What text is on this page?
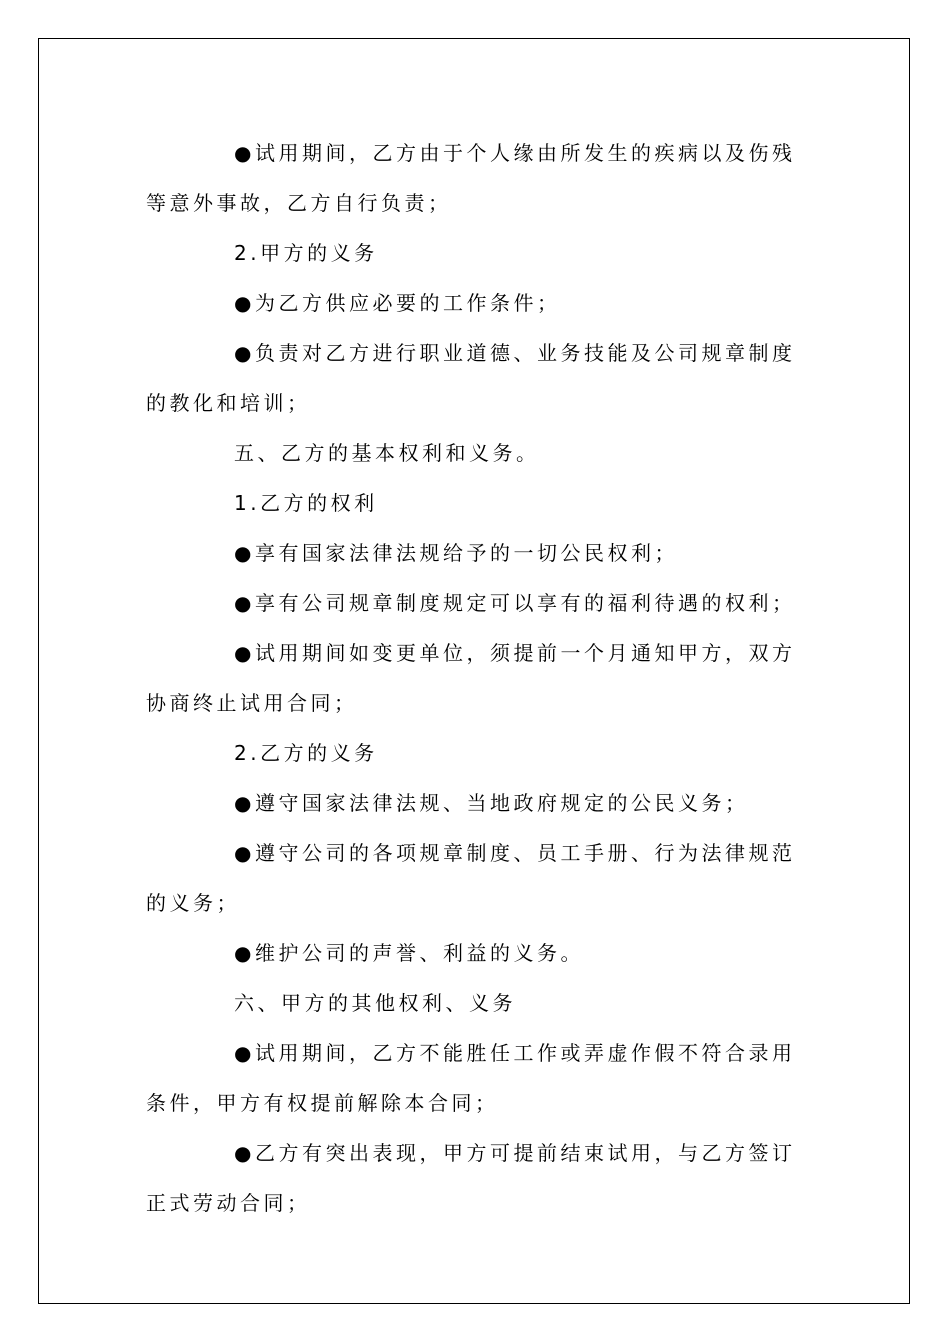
●试用期间，乙方由于个人缘由所发生的疾病以及伤残等意外事故，乙方自行负责；

2.甲方的义务

●为乙方供应必要的工作条件；

●负责对乙方进行职业道德、业务技能及公司规章制度的教化和培训；

五、乙方的基本权利和义务。

1.乙方的权利

●享有国家法律法规给予的一切公民权利；

●享有公司规章制度规定可以享有的福利待遇的权利；

●试用期间如变更单位，须提前一个月通知甲方，双方协商终止试用合同；

2.乙方的义务

●遵守国家法律法规、当地政府规定的公民义务；

●遵守公司的各项规章制度、员工手册、行为法律规范的义务；

●维护公司的声誉、利益的义务。

六、甲方的其他权利、义务

●试用期间，乙方不能胜任工作或弄虚作假不符合录用条件，甲方有权提前解除本合同；

●乙方有突出表现，甲方可提前结束试用，与乙方签订正式劳动合同；
